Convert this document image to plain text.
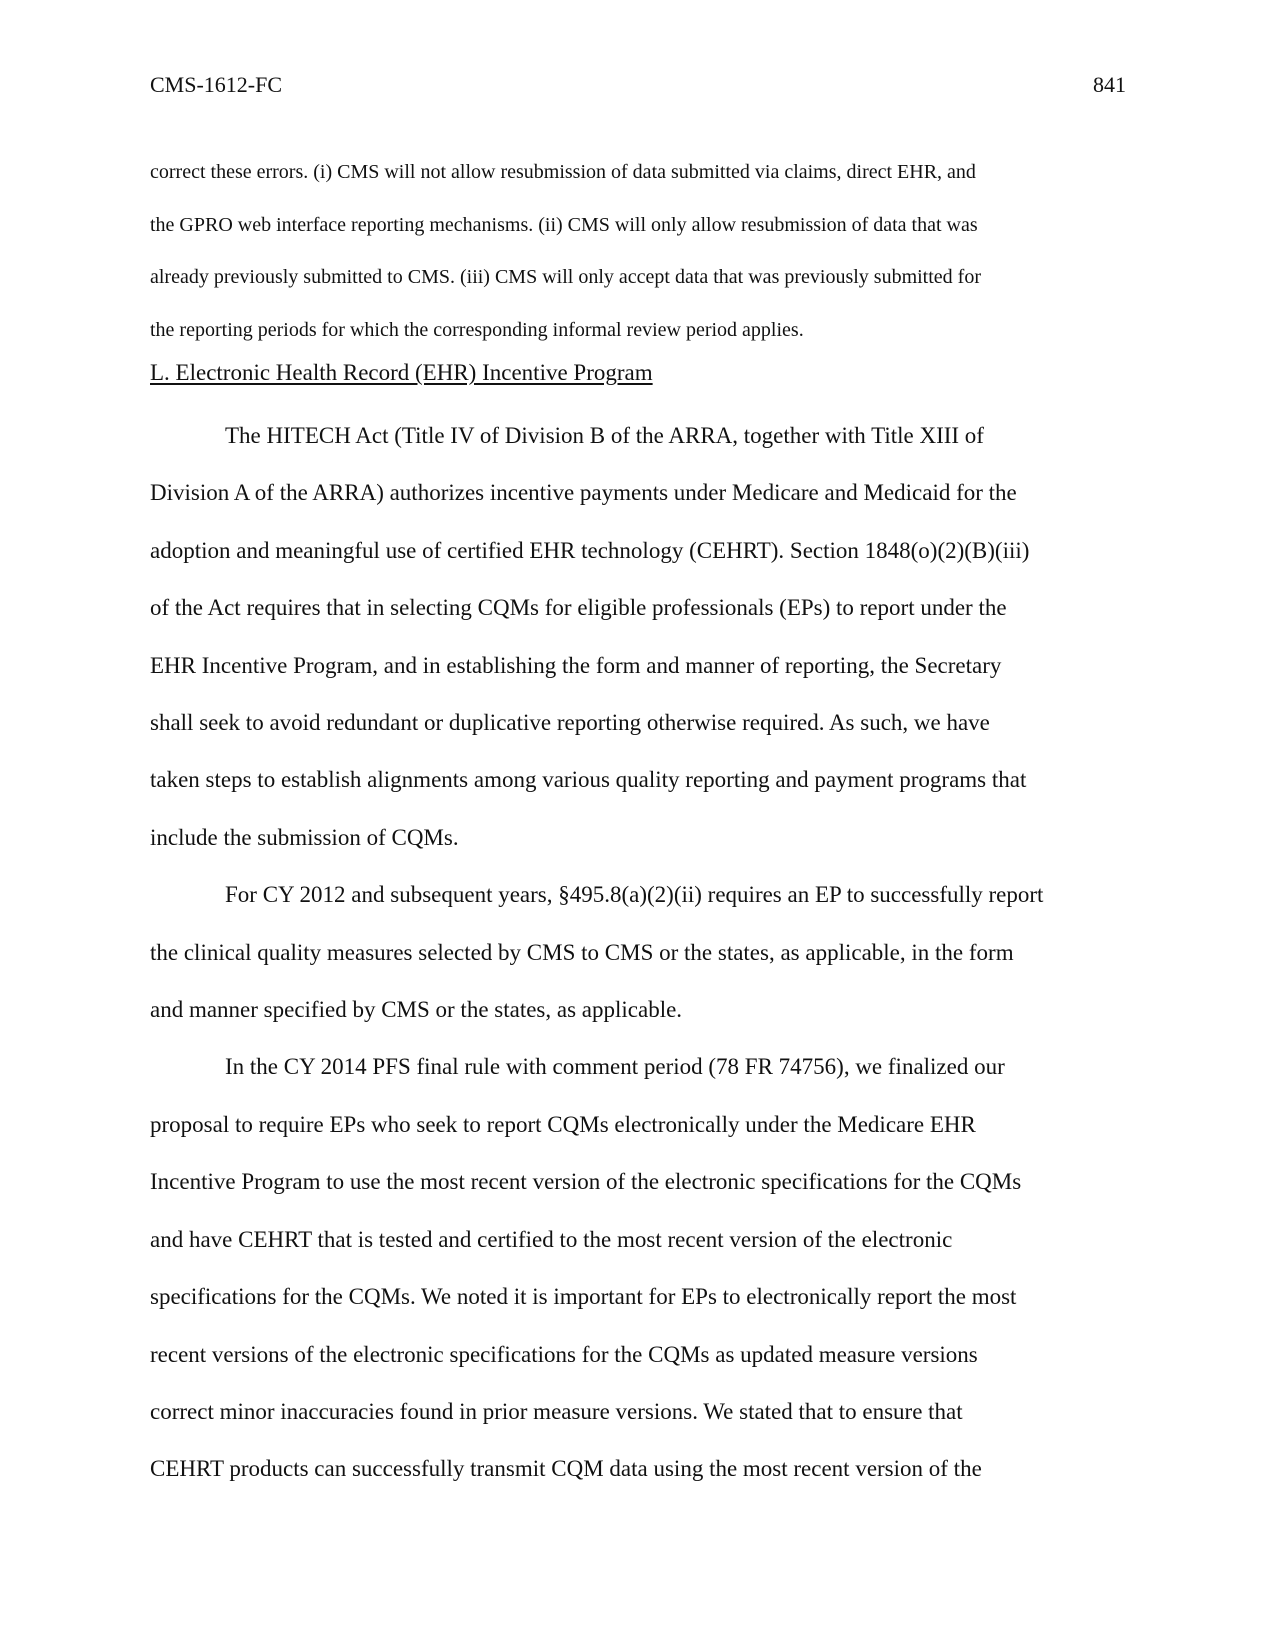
CMS-1612-FC	841

correct these errors. (i) CMS will not allow resubmission of data submitted via claims, direct EHR, and

the GPRO web interface reporting mechanisms. (ii) CMS will only allow resubmission of data that was

already previously submitted to CMS. (iii) CMS will only accept data that was previously submitted for

the reporting periods for which the corresponding informal review period applies.

L. Electronic Health Record (EHR) Incentive Program
The HITECH Act (Title IV of Division B of the ARRA, together with Title XIII of
Division A of the ARRA) authorizes incentive payments under Medicare and Medicaid for the
adoption and meaningful use of certified EHR technology (CEHRT). Section 1848(o)(2)(B)(iii)
of the Act requires that in selecting CQMs for eligible professionals (EPs) to report under the
EHR Incentive Program, and in establishing the form and manner of reporting, the Secretary
shall seek to avoid redundant or duplicative reporting otherwise required. As such, we have
taken steps to establish alignments among various quality reporting and payment programs that
include the submission of CQMs.
For CY 2012 and subsequent years, §495.8(a)(2)(ii) requires an EP to successfully report
the clinical quality measures selected by CMS to CMS or the states, as applicable, in the form
and manner specified by CMS or the states, as applicable.
In the CY 2014 PFS final rule with comment period (78 FR 74756), we finalized our
proposal to require EPs who seek to report CQMs electronically under the Medicare EHR
Incentive Program to use the most recent version of the electronic specifications for the CQMs
and have CEHRT that is tested and certified to the most recent version of the electronic
specifications for the CQMs. We noted it is important for EPs to electronically report the most
recent versions of the electronic specifications for the CQMs as updated measure versions
correct minor inaccuracies found in prior measure versions. We stated that to ensure that
CEHRT products can successfully transmit CQM data using the most recent version of the
